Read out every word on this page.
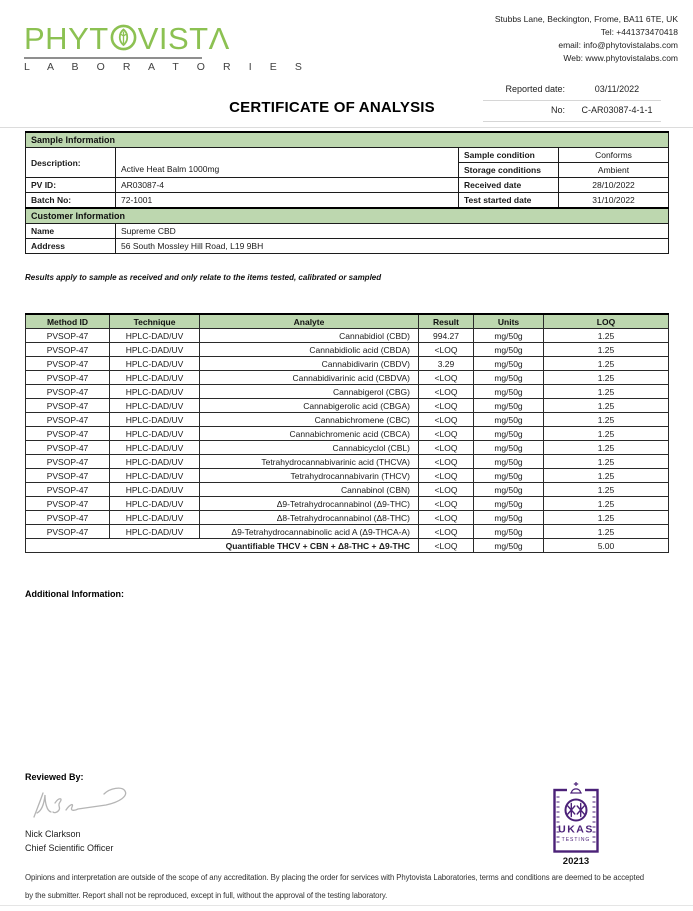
PHYT VISTΛ
L A B O R A T O R I E S
Stubbs Lane, Beckington, Frome, BA11 6TE, UK
Tel: +441373470418
email: info@phytovistalabs.com
Web: www.phytovistalabs.com
Reported date:	03/11/2022
No:	C-AR03087-4-1-1
CERTIFICATE OF ANALYSIS
Sample Information			
Description:	Active Heat Balm 1000mg	Sample condition	Conforms
		Storage conditions	Ambient
PV ID:	AR03087-4	Received date	28/10/2022
Batch No:	72-1001	Test started date	31/10/2022
Customer Information			
Name	Supreme CBD		
Address	56 South Mossley Hill Road, L19 9BH		
Results apply to sample as received and only relate to the items tested, calibrated or sampled
Method ID	Technique	Analyte	Result	Units	LOQ
PVSOP-47	HPLC-DAD/UV	Cannabidiol (CBD)	994.27	mg/50g	1.25
PVSOP-47	HPLC-DAD/UV	Cannabidiolic acid (CBDA)	<LOQ	mg/50g	1.25
PVSOP-47	HPLC-DAD/UV	Cannabidivarin (CBDV)	3.29	mg/50g	1.25
PVSOP-47	HPLC-DAD/UV	Cannabidivarinic acid (CBDVA)	<LOQ	mg/50g	1.25
PVSOP-47	HPLC-DAD/UV	Cannabigerol (CBG)	<LOQ	mg/50g	1.25
PVSOP-47	HPLC-DAD/UV	Cannabigerolic acid (CBGA)	<LOQ	mg/50g	1.25
PVSOP-47	HPLC-DAD/UV	Cannabichromene (CBC)	<LOQ	mg/50g	1.25
PVSOP-47	HPLC-DAD/UV	Cannabichromenic acid (CBCA)	<LOQ	mg/50g	1.25
PVSOP-47	HPLC-DAD/UV	Cannabicyclol (CBL)	<LOQ	mg/50g	1.25
PVSOP-47	HPLC-DAD/UV	Tetrahydrocannabivarinic acid (THCVA)	<LOQ	mg/50g	1.25
PVSOP-47	HPLC-DAD/UV	Tetrahydrocannabivarin (THCV)	<LOQ	mg/50g	1.25
PVSOP-47	HPLC-DAD/UV	Cannabinol (CBN)	<LOQ	mg/50g	1.25
PVSOP-47	HPLC-DAD/UV	Δ9-Tetrahydrocannabinol (Δ9-THC)	<LOQ	mg/50g	1.25
PVSOP-47	HPLC-DAD/UV	Δ8-Tetrahydrocannabinol (Δ8-THC)	<LOQ	mg/50g	1.25
PVSOP-47	HPLC-DAD/UV	Δ9-Tetrahydrocannabinolic acid A (Δ9-THCA-A)	<LOQ	mg/50g	1.25
Quantifiable THCV + CBN + Δ8-THC + Δ9-THC			<LOQ	mg/50g	5.00
Additional Information:
Reviewed By:
Nick Clarkson
Chief Scientific Officer
UKAS
TESTING
20213
Opinions and interpretation are outside of the scope of any accreditation. By placing the order for services with Phytovista Laboratories, terms and conditions are deemed to be accepted
by the submitter. Report shall not be reproduced, except in full, without the approval of the testing laboratory.
